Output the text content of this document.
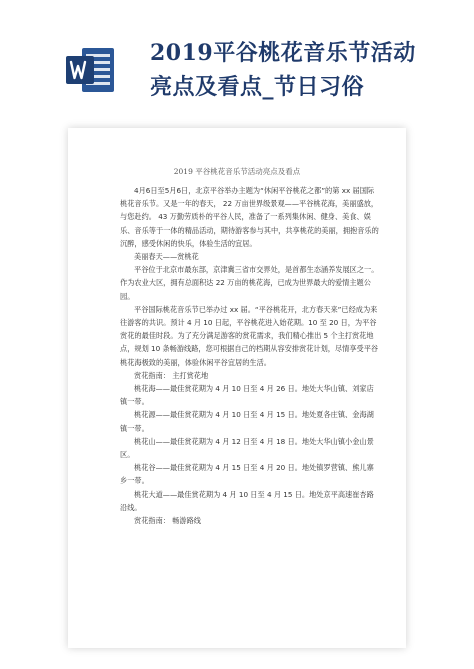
2019平谷桃花音乐节活动
亮点及看点_节日习俗
2019 平谷桃花音乐节活动亮点及看点

4月6日至5月6日，北京平谷举办主题为“休闲平谷桃花之都”的第 xx 届国际桃花音乐节。又是一年的春天， 22 万亩世界级景观——平谷桃花海，美丽盛放，与您赴约。 43 万勤劳质朴的平谷人民，准备了一系列集休闲、健身、美食、娱乐、音乐等于一体的精品活动，期待游客参与其中，共享桃花的美丽，拥抱音乐的沉醉，感受休闲的快乐，体验生活的宜居。

美丽春天——赏桃花

平谷位于北京市最东部，京津冀三省市交界处，是首都生态涵养发展区之一。作为农业大区，拥有总面积达 22 万亩的桃花海，已成为世界最大的爱情主题公园。

平谷国际桃花音乐节已举办过 xx 届。“平谷桃花开，北方春天来”已经成为来往游客的共识。预计 4 月 10 日起，平谷桃花进入始花期。10 至 20 日，为平谷赏花的最佳时段。为了充分满足游客的赏花需求，我们精心推出 5 个主打赏花地点，规划 10 条畅游线路，您可根据自己的档期从容安排赏花计划，尽情享受平谷桃花海极致的美丽，体验休闲平谷宜居的生活。

赏花指南： 主打赏花地

桃花海——最佳赏花期为 4 月 10 日至 4 月 26 日。地处大华山镇、刘家店镇一带。

桃花源——最佳赏花期为 4 月 10 日至 4 月 15 日。地处夏各庄镇、金海湖镇一带。

桃花山——最佳赏花期为 4 月 12 日至 4 月 18 日。地处大华山镇小金山景区。

桃花谷——最佳赏花期为 4 月 15 日至 4 月 20 日。地处镇罗营镇、熊儿寨乡一带。

桃花大道——最佳赏花期为 4 月 10 日至 4 月 15 日。地处京平高速崔杏路沿线。

赏花指南： 畅游路线
